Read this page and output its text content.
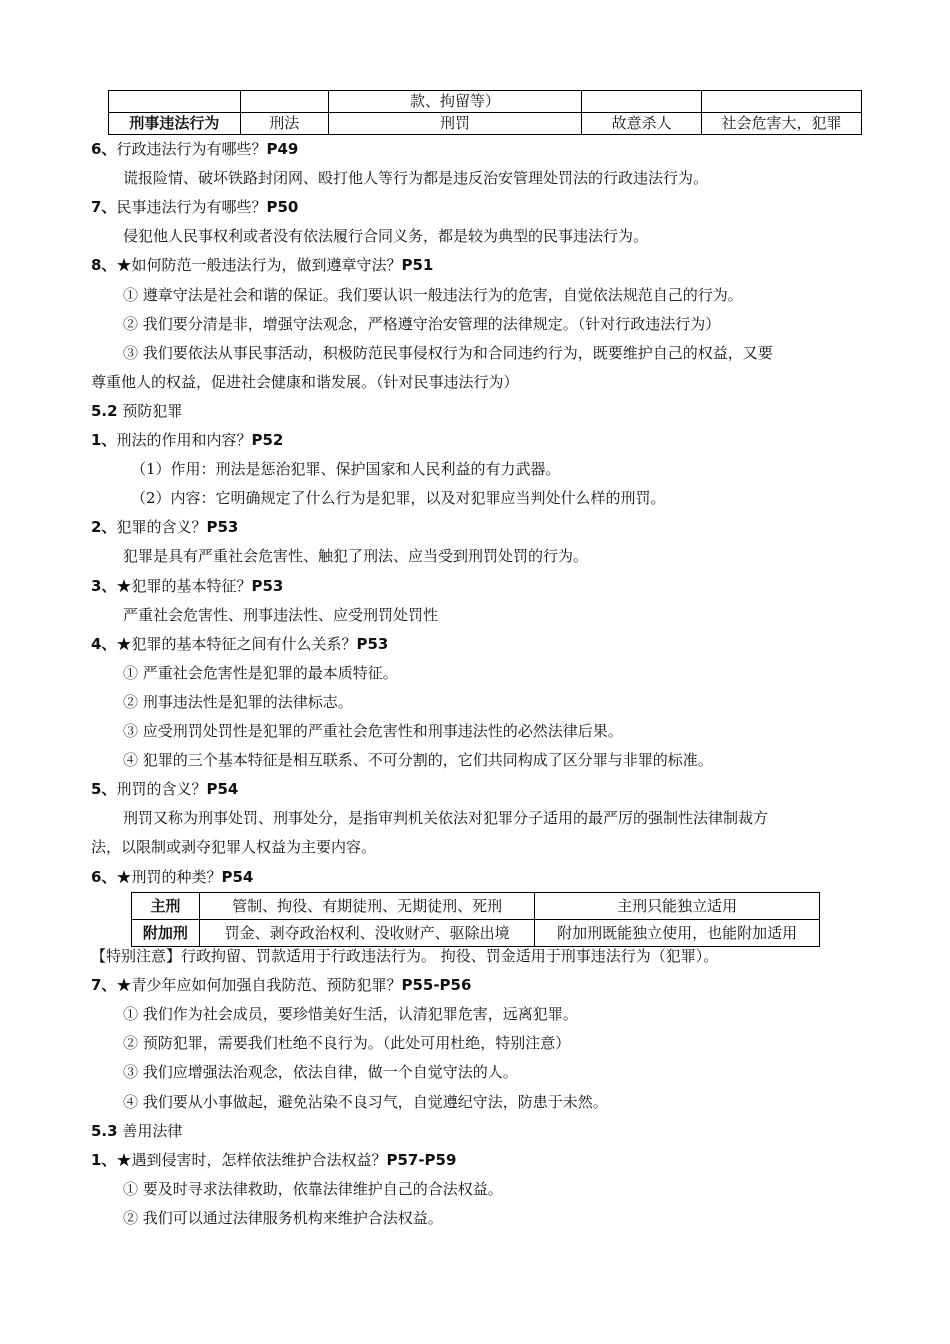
		款、拘留等）		
刑事违法行为	刑法	刑罚	故意杀人	社会危害大，犯罪
6、行政违法行为有哪些？P49
谎报险情、破坏铁路封闭网、殴打他人等行为都是违反治安管理处罚法的行政违法行为。
7、民事违法行为有哪些？P50
侵犯他人民事权利或者没有依法履行合同义务，都是较为典型的民事违法行为。
8、★如何防范一般违法行为，做到遵章守法？P51
① 遵章守法是社会和谐的保证。我们要认识一般违法行为的危害，自觉依法规范自己的行为。
② 我们要分清是非，增强守法观念，严格遵守治安管理的法律规定。（针对行政违法行为）
③ 我们要依法从事民事活动，积极防范民事侵权行为和合同违约行为，既要维护自己的权益，又要
尊重他人的权益，促进社会健康和谐发展。（针对民事违法行为）
5.2 预防犯罪
1、刑法的作用和内容？P52
（1）作用：刑法是惩治犯罪、保护国家和人民利益的有力武器。
（2）内容：它明确规定了什么行为是犯罪，以及对犯罪应当判处什么样的刑罚。
2、犯罪的含义？P53
犯罪是具有严重社会危害性、触犯了刑法、应当受到刑罚处罚的行为。
3、★犯罪的基本特征？P53
严重社会危害性、刑事违法性、应受刑罚处罚性
4、★犯罪的基本特征之间有什么关系？P53
① 严重社会危害性是犯罪的最本质特征。
② 刑事违法性是犯罪的法律标志。
③ 应受刑罚处罚性是犯罪的严重社会危害性和刑事违法性的必然法律后果。
④ 犯罪的三个基本特征是相互联系、不可分割的，它们共同构成了区分罪与非罪的标准。
5、刑罚的含义？P54
刑罚又称为刑事处罚、刑事处分，是指审判机关依法对犯罪分子适用的最严厉的强制性法律制裁方
法，以限制或剥夺犯罪人权益为主要内容。
6、★刑罚的种类？P54
主刑	管制、拘役、有期徒刑、无期徒刑、死刑	主刑只能独立适用
附加刑	罚金、剥夺政治权利、没收财产、驱除出境	附加刑既能独立使用，也能附加适用
【特别注意】行政拘留、罚款适用于行政违法行为。 拘役、罚金适用于刑事违法行为（犯罪）。
7、★青少年应如何加强自我防范、预防犯罪？P55-P56
① 我们作为社会成员，要珍惜美好生活，认清犯罪危害，远离犯罪。
② 预防犯罪，需要我们杜绝不良行为。（此处可用杜绝，特别注意）
③ 我们应增强法治观念，依法自律，做一个自觉守法的人。
④ 我们要从小事做起，避免沾染不良习气，自觉遵纪守法，防患于未然。
5.3 善用法律
1、★遇到侵害时，怎样依法维护合法权益？P57-P59
① 要及时寻求法律救助，依靠法律维护自己的合法权益。
② 我们可以通过法律服务机构来维护合法权益。
